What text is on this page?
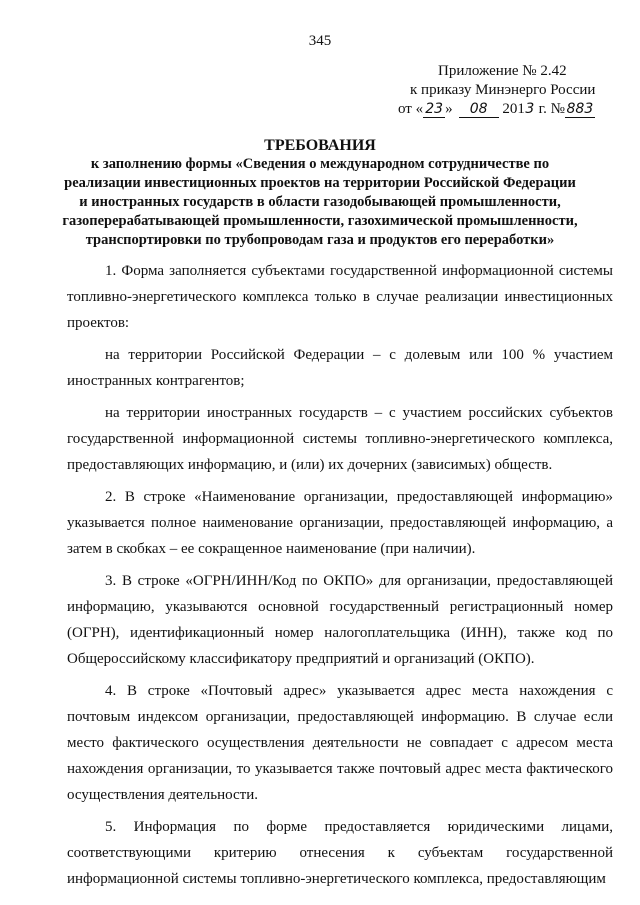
345
Приложение № 2.42
к приказу Минэнерго России
от « 23 » 08 2013 г. № 883
ТРЕБОВАНИЯ
к заполнению формы «Сведения о международном сотрудничестве по реализации инвестиционных проектов на территории Российской Федерации и иностранных государств в области газодобывающей промышленности, газоперерабатывающей промышленности, газохимической промышленности, транспортировки по трубопроводам газа и продуктов его переработки»

1. Форма заполняется субъектами государственной информационной системы топливно-энергетического комплекса только в случае реализации инвестиционных проектов:

на территории Российской Федерации – с долевым или 100 % участием иностранных контрагентов;

на территории иностранных государств – с участием российских субъектов государственной информационной системы топливно-энергетического комплекса, предоставляющих информацию, и (или) их дочерних (зависимых) обществ.

2. В строке «Наименование организации, предоставляющей информацию» указывается полное наименование организации, предоставляющей информацию, а затем в скобках – ее сокращенное наименование (при наличии).

3. В строке «ОГРН/ИНН/Код по ОКПО» для организации, предоставляющей информацию, указываются основной государственный регистрационный номер (ОГРН), идентификационный номер налогоплательщика (ИНН), также код по Общероссийскому классификатору предприятий и организаций (ОКПО).

4. В строке «Почтовый адрес» указывается адрес места нахождения с почтовым индексом организации, предоставляющей информацию. В случае если место фактического осуществления деятельности не совпадает с адресом места нахождения организации, то указывается также почтовый адрес места фактического осуществления деятельности.

5. Информация по форме предоставляется юридическими лицами, соответствующими критерию отнесения к субъектам государственной информационной системы топливно-энергетического комплекса, предоставляющим
